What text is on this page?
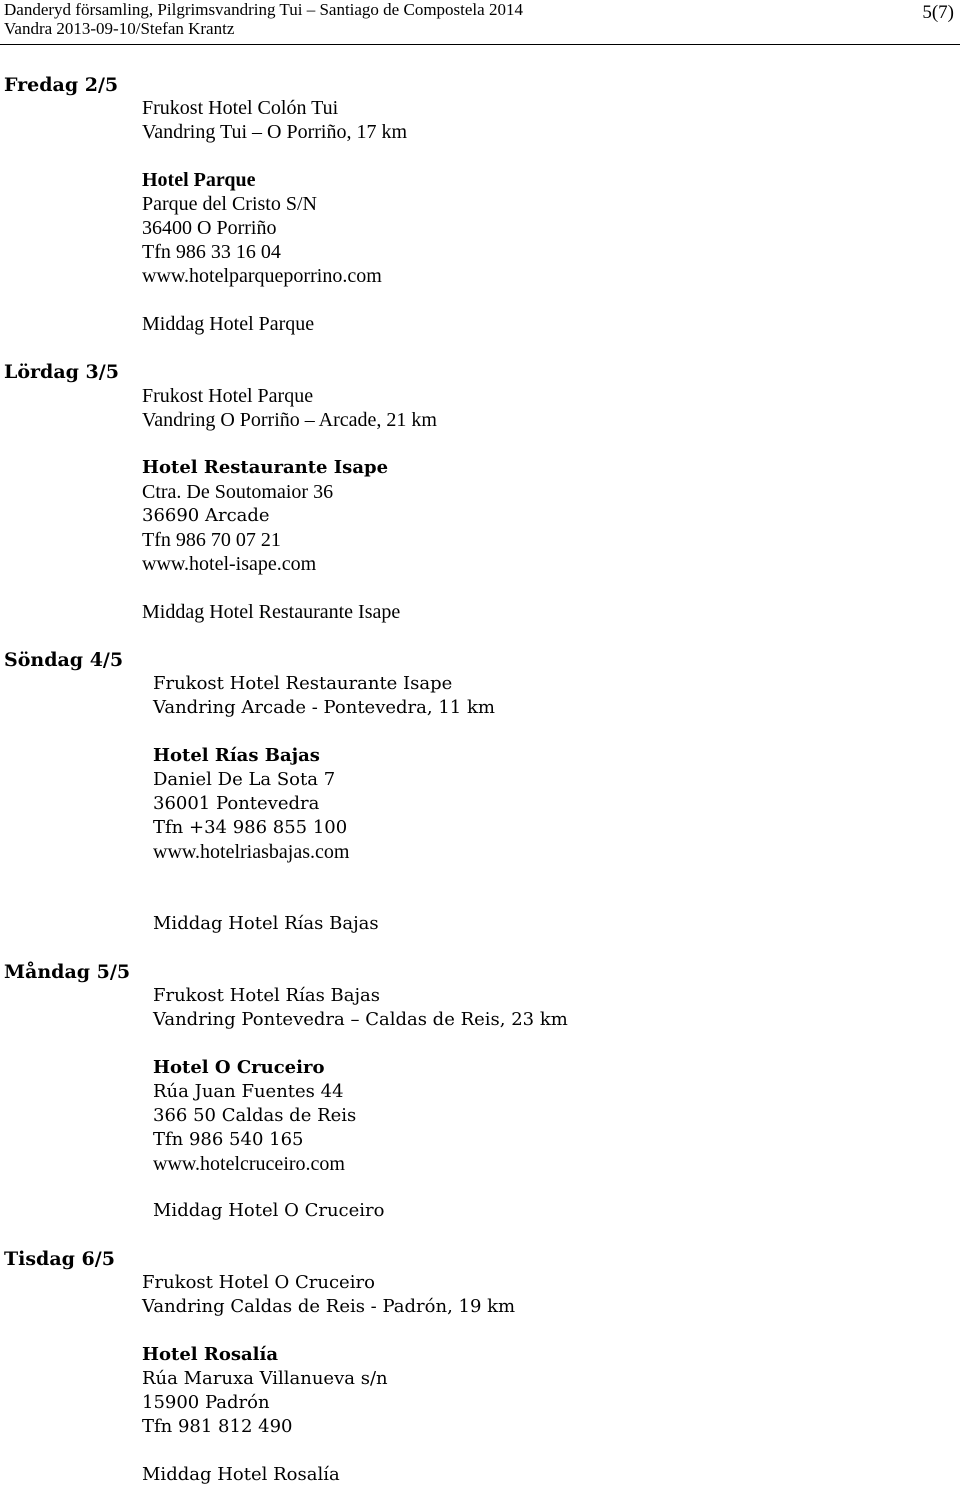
Danderyd församling, Pilgrimsvandring Tui – Santiago de Compostela 2014
Vandra 2013-09-10/Stefan Krantz
5(7)
Fredag 2/5
Frukost Hotel Colón Tui
Vandring Tui – O Porriño, 17 km
Hotel Parque
Parque del Cristo S/N
36400 O Porriño
Tfn 986 33 16 04
www.hotelparqueporrino.com
Middag Hotel Parque
Lördag 3/5
Frukost Hotel Parque
Vandring O Porriño – Arcade, 21 km
Hotel Restaurante Isape
Ctra. De Soutomaior 36
36690 Arcade
Tfn 986 70 07 21
www.hotel-isape.com
Middag Hotel Restaurante Isape
Söndag 4/5
Frukost Hotel Restaurante Isape
Vandring Arcade - Pontevedra, 11 km
Hotel Rías Bajas
Daniel De La Sota 7
36001 Pontevedra
Tfn +34 986 855 100
www.hotelriasbajas.com
Middag Hotel Rías Bajas
Måndag 5/5
Frukost Hotel Rías Bajas
Vandring Pontevedra – Caldas de Reis, 23 km
Hotel O Cruceiro
Rúa Juan Fuentes 44
366 50 Caldas de Reis
Tfn 986 540 165
www.hotelcruceiro.com
Middag Hotel O Cruceiro
Tisdag 6/5
Frukost Hotel O Cruceiro
Vandring Caldas de Reis - Padrón, 19 km
Hotel Rosalía
Rúa Maruxa Villanueva s/n
15900 Padrón
Tfn 981 812 490
Middag Hotel Rosalía
